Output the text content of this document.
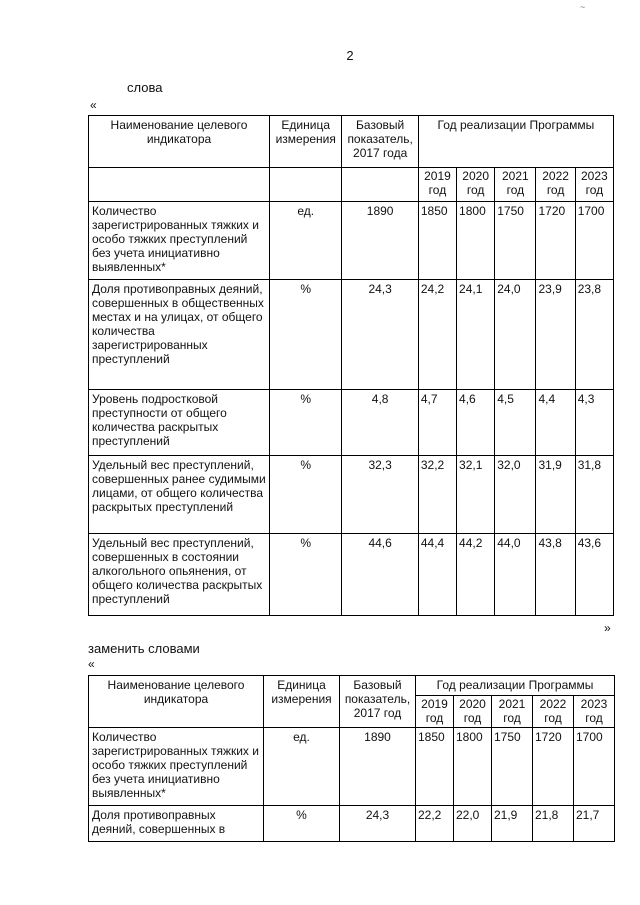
~
2
слова
«
Наименование целевого индикатора	Единица измерения	Базовый показатель, 2017 года	Год реализации Программы				
			2019 год	2020 год	2021 год	2022 год	2023 год
Количество зарегистрированных тяжких и особо тяжких преступлений без учета инициативно выявленных*	ед.	1890	1850	1800	1750	1720	1700
Доля противоправных деяний, совершенных в общественных местах и на улицах, от общего количества зарегистрированных преступлений	%	24,3	24,2	24,1	24,0	23,9	23,8
Уровень подростковой преступности от общего количества раскрытых преступлений	%	4,8	4,7	4,6	4,5	4,4	4,3
Удельный вес преступлений, совершенных ранее судимыми лицами, от общего количества раскрытых преступлений	%	32,3	32,2	32,1	32,0	31,9	31,8
Удельный вес преступлений, совершенных в состоянии алкогольного опьянения, от общего количества раскрытых преступлений	%	44,6	44,4	44,2	44,0	43,8	43,6
»
заменить словами
«
Наименование целевого индикатора	Единица измерения	Базовый показатель, 2017 год	Год реализации Программы				
			2019 год	2020 год	2021 год	2022 год	2023 год
Количество зарегистрированных тяжких и особо тяжких преступлений без учета инициативно выявленных*	ед.	1890	1850	1800	1750	1720	1700
Доля противоправных деяний, совершенных в	%	24,3	22,2	22,0	21,9	21,8	21,7
